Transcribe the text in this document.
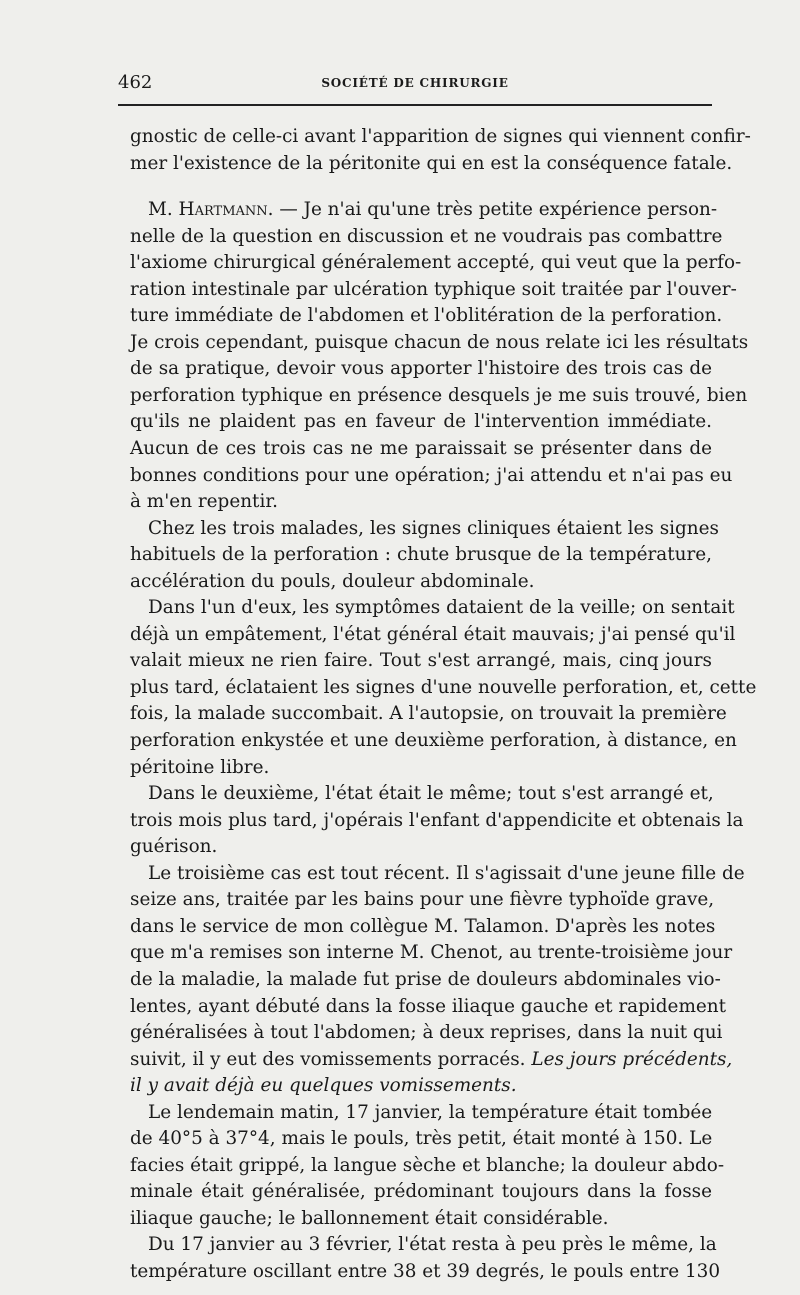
462	SOCIÉTÉ DE CHIRURGIE
gnostic de celle-ci avant l'apparition de signes qui viennent confir-
mer l'existence de la péritonite qui en est la conséquence fatale.
M. Hartmann. — Je n'ai qu'une très petite expérience person-
nelle de la question en discussion et ne voudrais pas combattre
l'axiome chirurgical généralement accepté, qui veut que la perfo-
ration intestinale par ulcération typhique soit traitée par l'ouver-
ture immédiate de l'abdomen et l'oblitération de la perforation.
Je crois cependant, puisque chacun de nous relate ici les résultats
de sa pratique, devoir vous apporter l'histoire des trois cas de
perforation typhique en présence desquels je me suis trouvé, bien
qu'ils ne plaident pas en faveur de l'intervention immédiate.
Aucun de ces trois cas ne me paraissait se présenter dans de
bonnes conditions pour une opération; j'ai attendu et n'ai pas eu
à m'en repentir.
Chez les trois malades, les signes cliniques étaient les signes
habituels de la perforation : chute brusque de la température,
accélération du pouls, douleur abdominale.
Dans l'un d'eux, les symptômes dataient de la veille; on sentait
déjà un empâtement, l'état général était mauvais; j'ai pensé qu'il
valait mieux ne rien faire. Tout s'est arrangé, mais, cinq jours
plus tard, éclataient les signes d'une nouvelle perforation, et, cette
fois, la malade succombait. A l'autopsie, on trouvait la première
perforation enkystée et une deuxième perforation, à distance, en
péritoine libre.
Dans le deuxième, l'état était le même; tout s'est arrangé et,
trois mois plus tard, j'opérais l'enfant d'appendicite et obtenais la
guérison.
Le troisième cas est tout récent. Il s'agissait d'une jeune fille de
seize ans, traitée par les bains pour une fièvre typhoïde grave,
dans le service de mon collègue M. Talamon. D'après les notes
que m'a remises son interne M. Chenot, au trente-troisième jour
de la maladie, la malade fut prise de douleurs abdominales vio-
lentes, ayant débuté dans la fosse iliaque gauche et rapidement
généralisées à tout l'abdomen; à deux reprises, dans la nuit qui
suivit, il y eut des vomissements porracés. Les jours précédents,
il y avait déjà eu quelques vomissements.
Le lendemain matin, 17 janvier, la température était tombée
de 40°5 à 37°4, mais le pouls, très petit, était monté à 150. Le
facies était grippé, la langue sèche et blanche; la douleur abdo-
minale était généralisée, prédominant toujours dans la fosse
iliaque gauche; le ballonnement était considérable.
Du 17 janvier au 3 février, l'état resta à peu près le même, la
température oscillant entre 38 et 39 degrés, le pouls entre 130
